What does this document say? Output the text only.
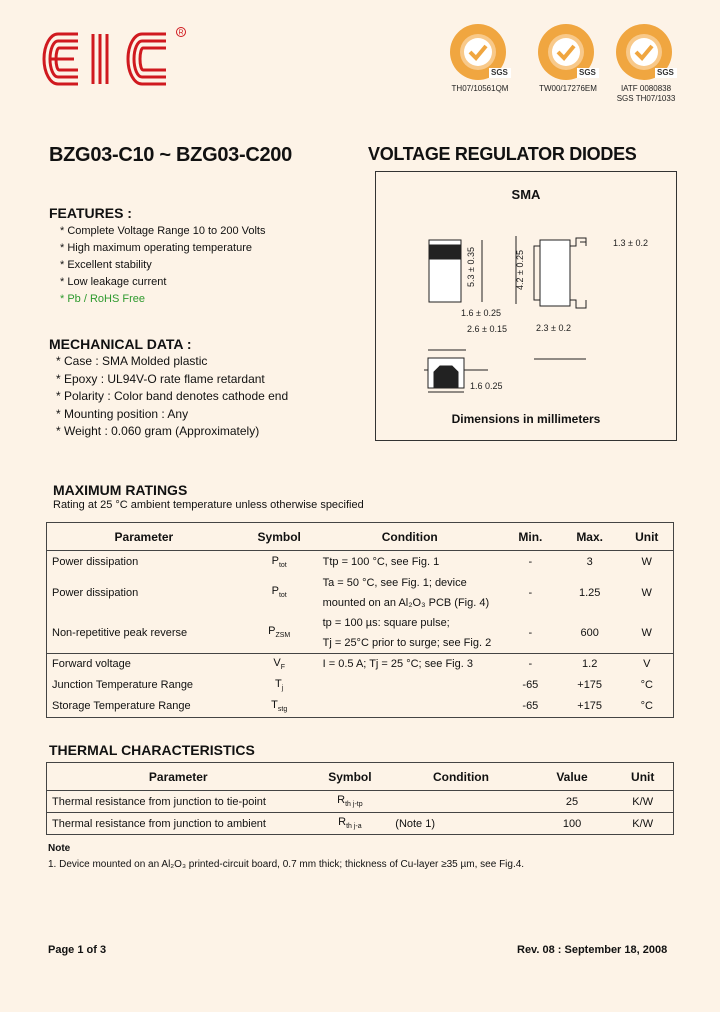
R
SGS
TH07/10561QM
SGS
TW00/17276EM
SGS
IATF 0080838
SGS TH07/1033
BZG03-C10 ~ BZG03-C200	VOLTAGE REGULATOR DIODES
FEATURES :
* Complete Voltage Range 10 to 200 Volts
* High maximum operating temperature
* Excellent stability
* Low leakage current
* Pb / RoHS Free
MECHANICAL DATA :
* Case : SMA Molded plastic
* Epoxy : UL94V-O rate flame retardant
* Polarity : Color band denotes cathode end
* Mounting position : Any
* Weight : 0.060 gram (Approximately)
SMA
5.3 ± 0.35	4.2 ± 0.25
1.3 ± 0.2
1.6 ± 0.25
2.6 ± 0.15	2.3 ± 0.2
1.6 0.25
Dimensions in millimeters
MAXIMUM RATINGS
Rating at 25 °C ambient temperature unless otherwise specified
Parameter	Symbol	Condition	Min.	Max.	Unit
Power dissipation	$P_{tot}$	Ttp = 100 °C, see Fig. 1	-	3	W
Power dissipation	$P_{tot}$	Ta = 50 °C, see Fig. 1; device
mounted on an Al₂O₃ PCB (Fig. 4)	-	1.25	W
Non-repetitive peak reverse	$P_{ZSM}$	tp = 100 µs: square pulse;
Tj = 25°C prior to surge; see Fig. 2	-	600	W
Forward voltage	$V_F$	I = 0.5 A; Tj = 25 °C; see Fig. 3	-	1.2	V
Junction Temperature Range	$T_j$		-65	+175	°C
Storage Temperature Range	$T_{stg}$		-65	+175	°C
THERMAL CHARACTERISTICS
Parameter	Symbol	Condition	Value	Unit
Thermal resistance from junction to tie-point	$R_{th j-tp}$		25	K/W
Thermal resistance from junction to ambient	$R_{th j-a}$	(Note 1)	100	K/W
Note
1. Device mounted on an Al₂O₃ printed-circuit board, 0.7 mm thick; thickness of Cu-layer ≥35 µm, see Fig.4.
Page 1 of 3	Rev. 08 : September 18, 2008
